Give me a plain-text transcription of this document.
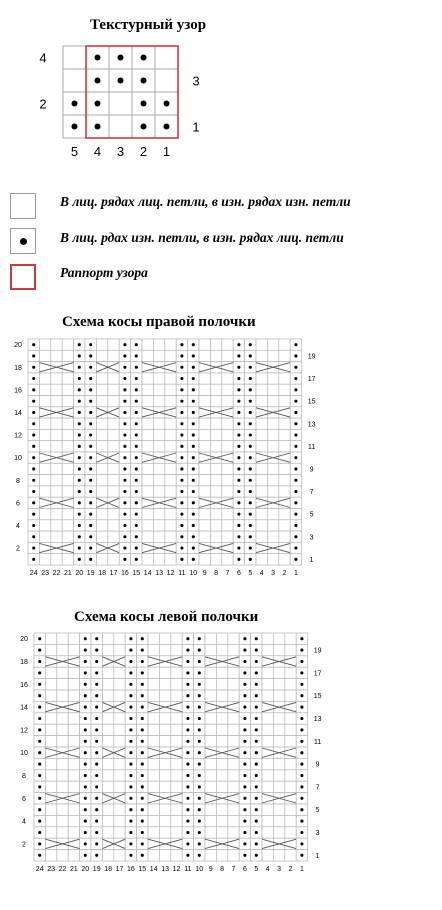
Текстурный узор
4
2
3
1
5 4 3 2 1
В лиц. рядах лиц. петли, в изн. рядах изн. петли
В лиц. рдах изн. петли, в изн. рядах лиц. петли
Раппорт узора
Схема косы правой полочки
20
18
16
14
12
10
8
6
4
2
19
17
15
13
11
9
7
5
3
1
24 23 22 21 20 19 18 17 16 15 14 13 12 11 10 9 8 7 6 5 4 3 2 1
Схема косы левой полочки
20
18
16
14
12
10
8
6
4
2
19
17
15
13
11
9
7
5
3
1
24 23 22 21 20 19 18 17 16 15 14 13 12 11 10 9 8 7 6 5 4 3 2 1
